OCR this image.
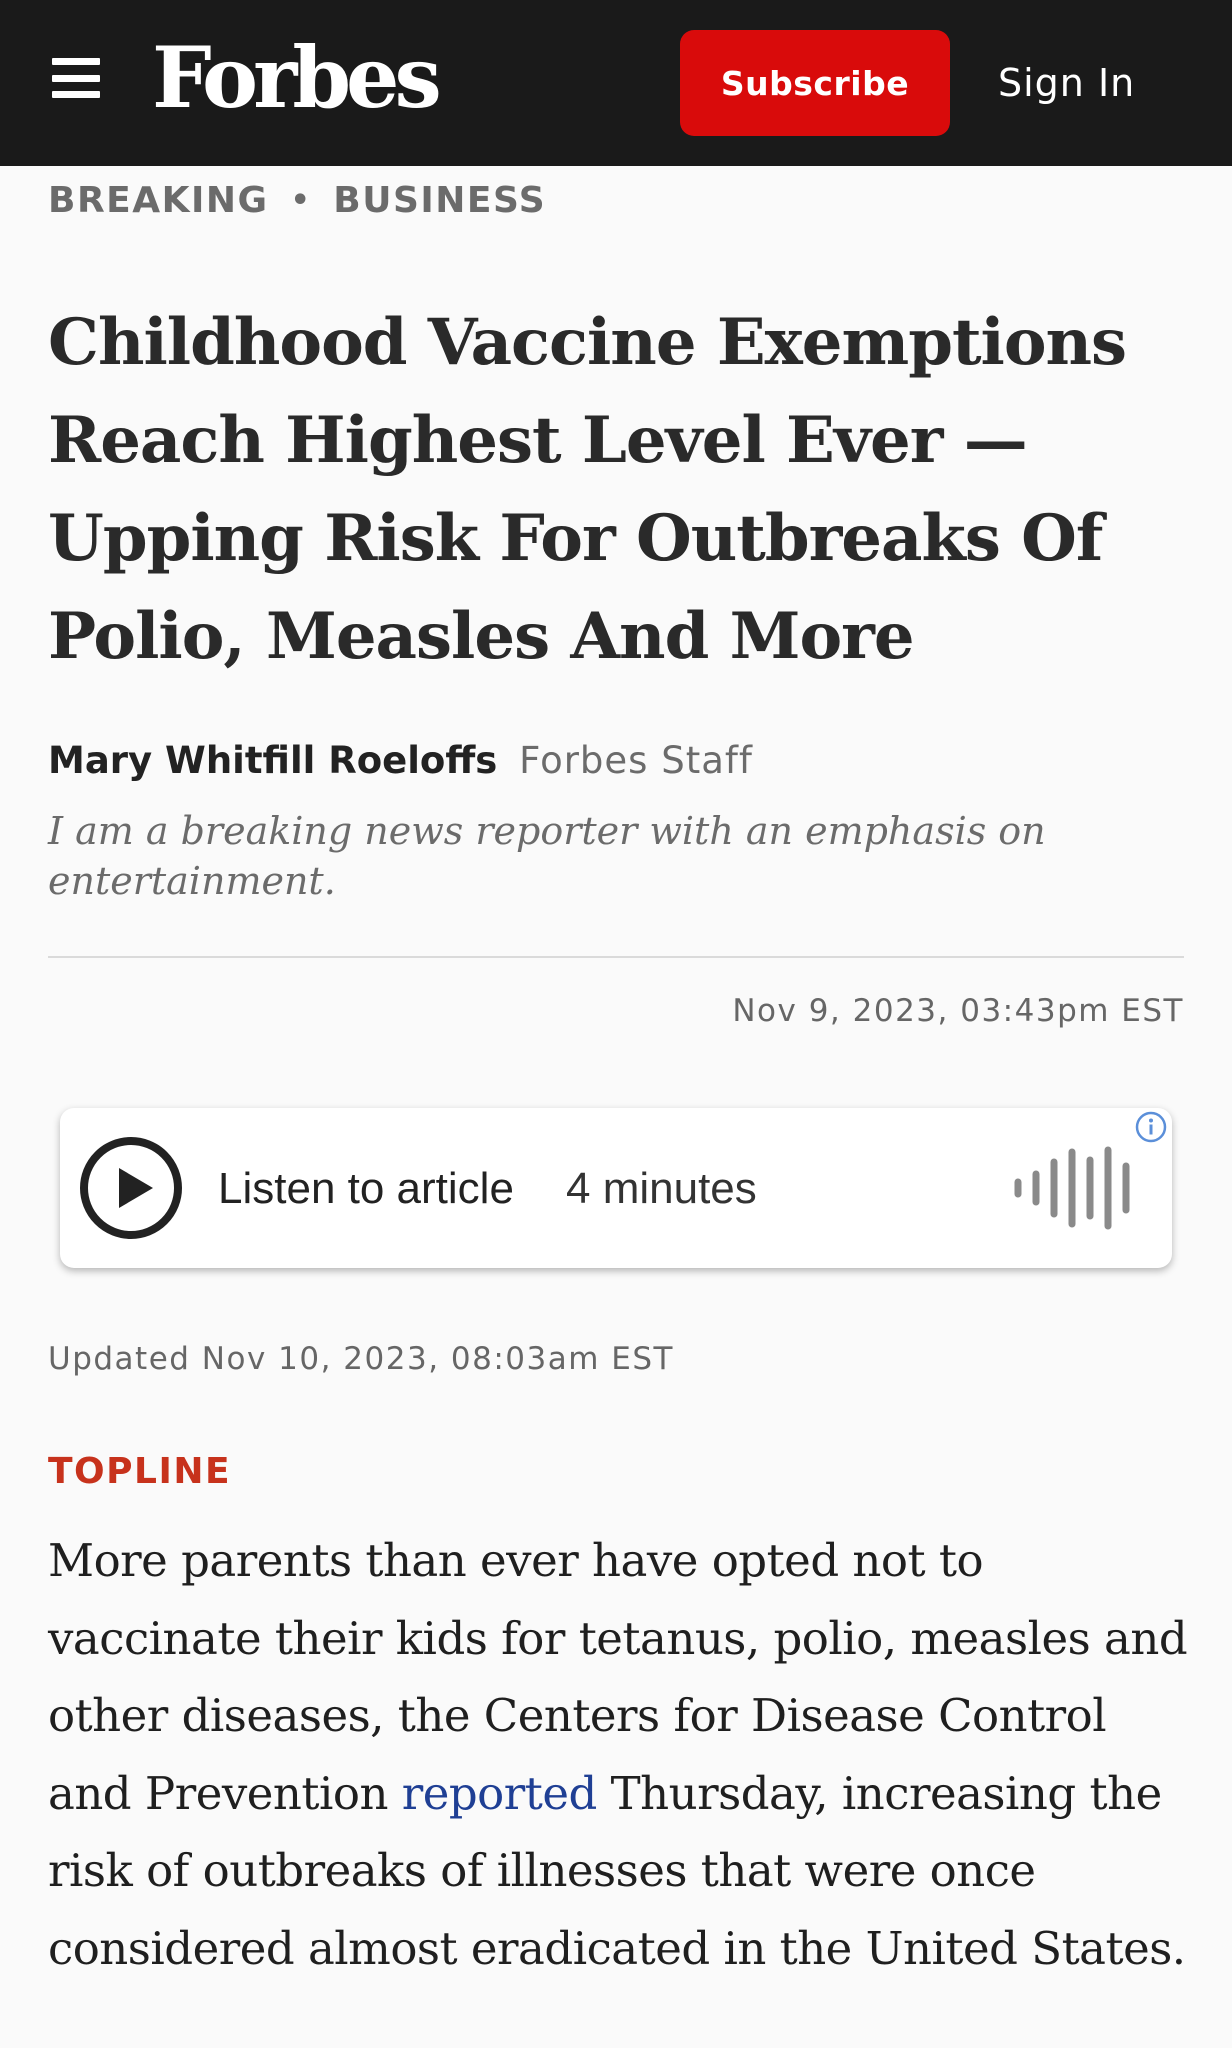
Forbes	Subscribe	Sign In
BREAKING • BUSINESS
Childhood Vaccine Exemptions Reach Highest Level Ever — Upping Risk For Outbreaks Of Polio, Measles And More
Mary Whitfill Roeloffs Forbes Staff

I am a breaking news reporter with an emphasis on entertainment.

Nov 9, 2023, 03:43pm EST
Listen to article 4 minutes
Updated Nov 10, 2023, 08:03am EST
TOPLINE

More parents than ever have opted not to vaccinate their kids for tetanus, polio, measles and other diseases, the Centers for Disease Control and Prevention reported Thursday, increasing the risk of outbreaks of illnesses that were once considered almost eradicated in the United States.
